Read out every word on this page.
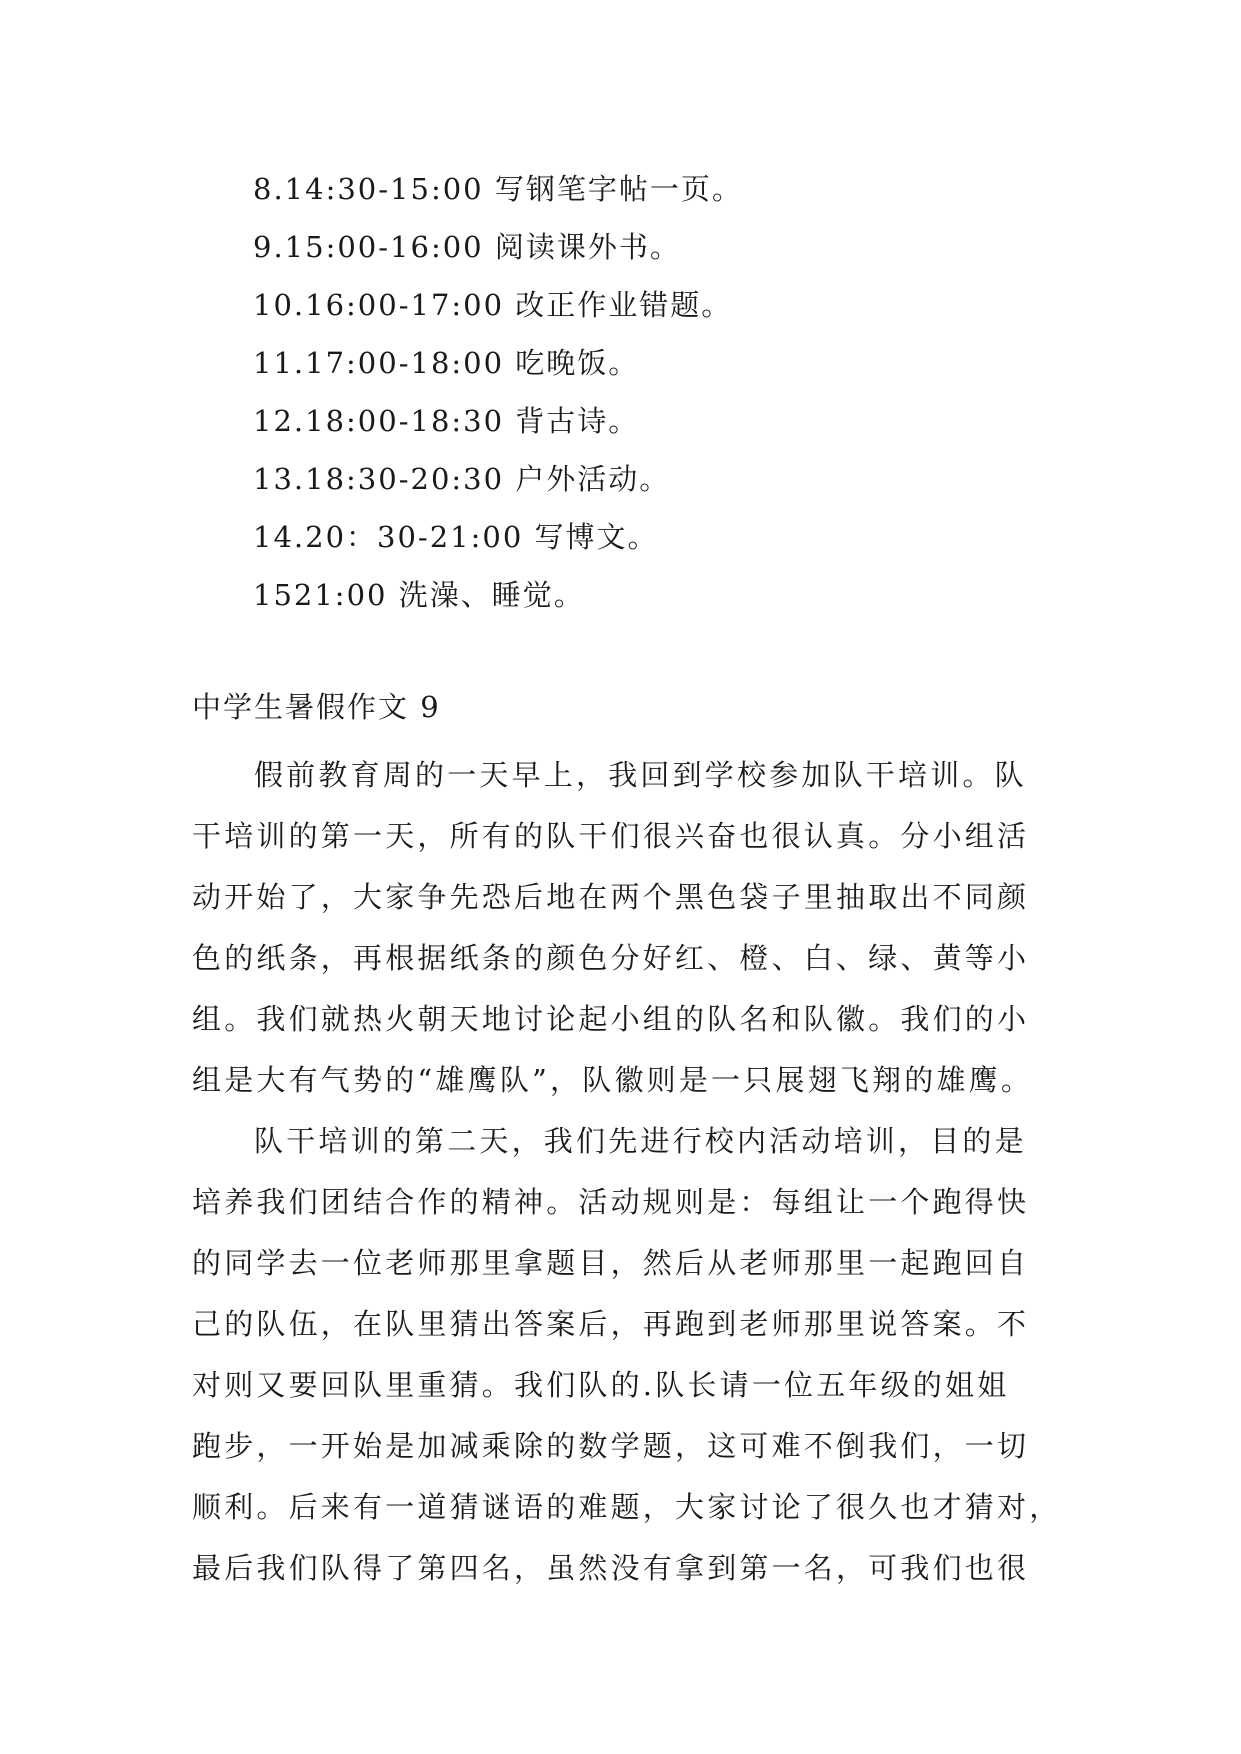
8.14:30-15:00 写钢笔字帖一页。
9.15:00-16:00 阅读课外书。
10.16:00-17:00 改正作业错题。
11.17:00-18:00 吃晚饭。
12.18:00-18:30 背古诗。
13.18:30-20:30 户外活动。
14.20：30-21:00 写博文。
1521:00 洗澡、睡觉。
中学生暑假作文 9
假前教育周的一天早上，我回到学校参加队干培训。队
干培训的第一天，所有的队干们很兴奋也很认真。分小组活
动开始了，大家争先恐后地在两个黑色袋子里抽取出不同颜
色的纸条，再根据纸条的颜色分好红、橙、白、绿、黄等小
组。我们就热火朝天地讨论起小组的队名和队徽。我们的小
组是大有气势的“雄鹰队”，队徽则是一只展翅飞翔的雄鹰。
队干培训的第二天，我们先进行校内活动培训，目的是
培养我们团结合作的精神。活动规则是：每组让一个跑得快
的同学去一位老师那里拿题目，然后从老师那里一起跑回自
己的队伍，在队里猜出答案后，再跑到老师那里说答案。不
对则又要回队里重猜。我们队的.队长请一位五年级的姐姐
跑步，一开始是加减乘除的数学题，这可难不倒我们，一切
顺利。后来有一道猜谜语的难题，大家讨论了很久也才猜对，
最后我们队得了第四名，虽然没有拿到第一名，可我们也很
